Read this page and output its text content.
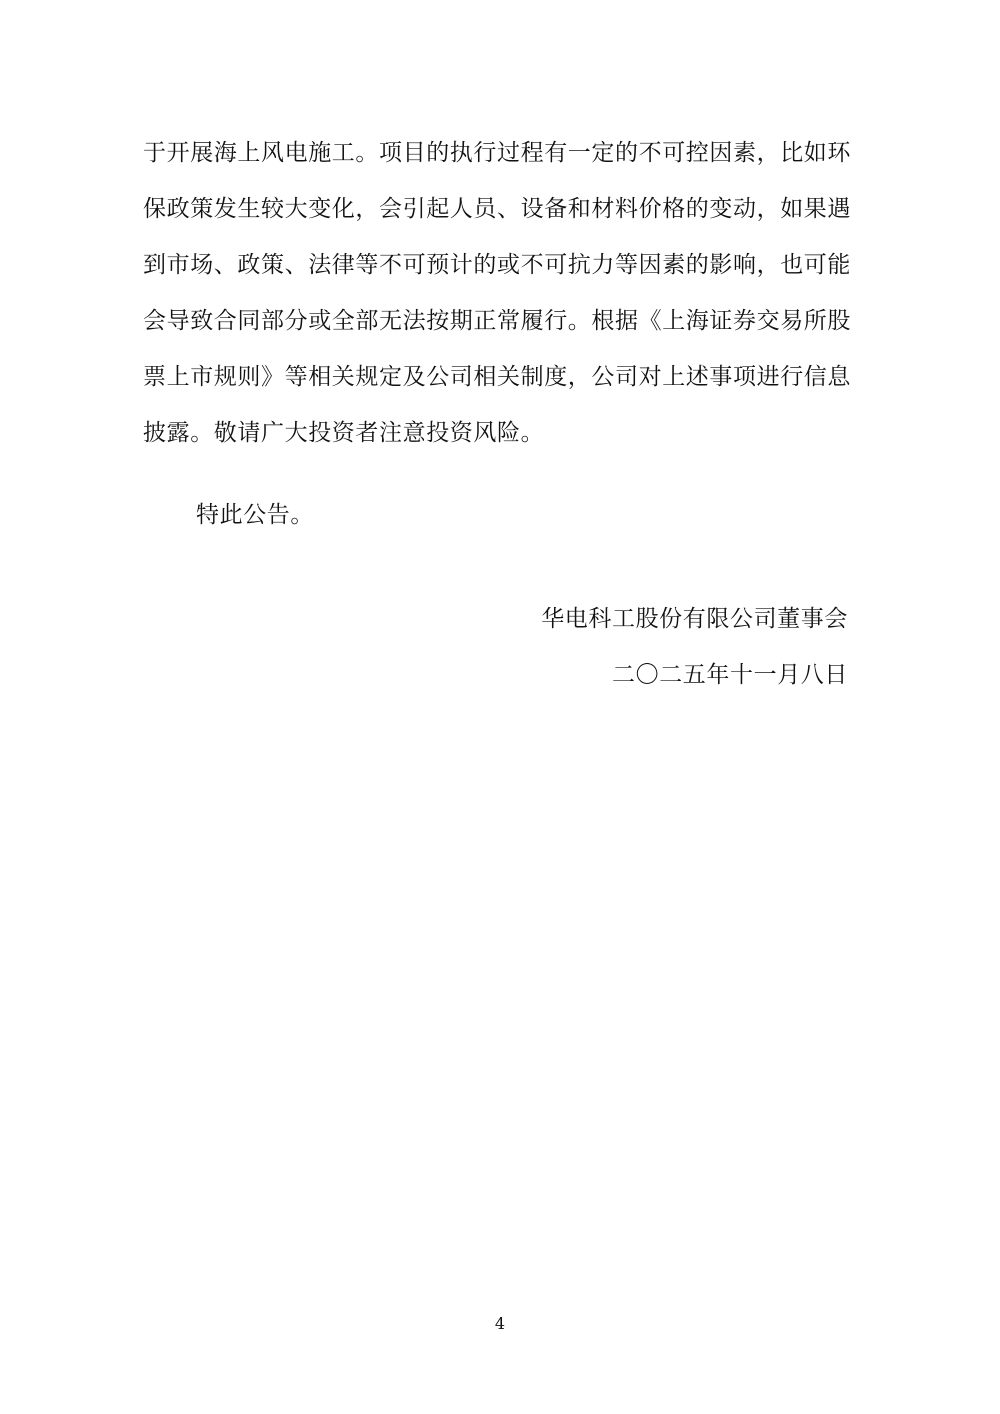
于开展海上风电施工。项目的执行过程有一定的不可控因素，比如环
保政策发生较大变化，会引起人员、设备和材料价格的变动，如果遇
到市场、政策、法律等不可预计的或不可抗力等因素的影响，也可能
会导致合同部分或全部无法按期正常履行。根据《上海证券交易所股
票上市规则》等相关规定及公司相关制度，公司对上述事项进行信息
披露。敬请广大投资者注意投资风险。
特此公告。
华电科工股份有限公司董事会
二〇二五年十一月八日
4
